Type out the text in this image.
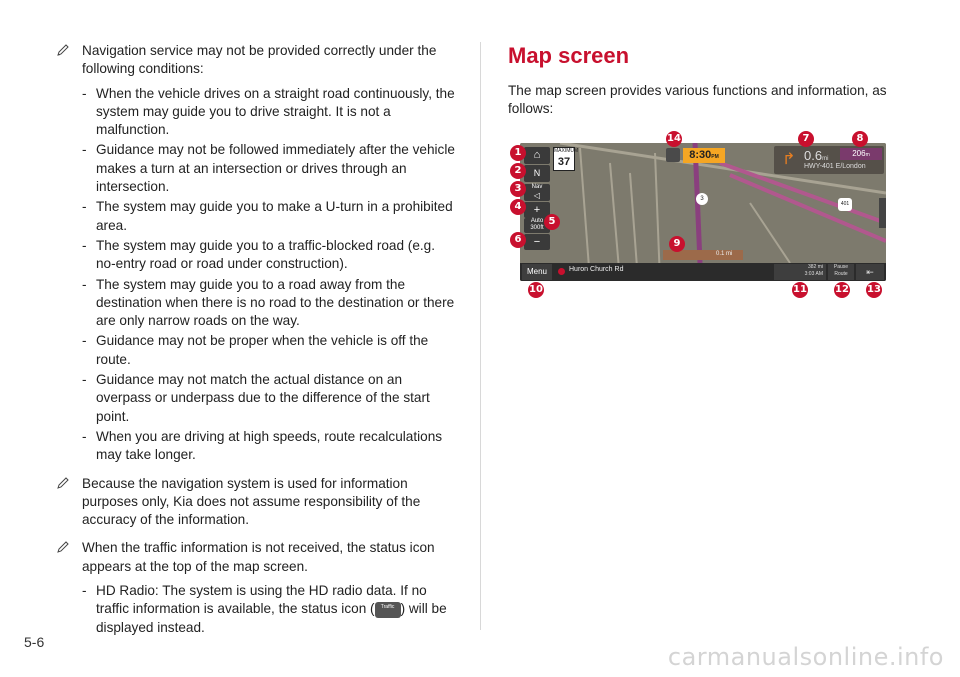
Navigation service may not be provided correctly under the following conditions:

- When the vehicle drives on a straight road continuously, the system may guide you to drive straight. It is not a malfunction.
- Guidance may not be followed immediately after the vehicle makes a turn at an intersection or drives through an intersection.
- The system may guide you to make a U-turn in a prohibited area.
- The system may guide you to a traffic-blocked road (e.g. no-entry road or road under construction).
- The system may guide you to a road away from the destination when there is no road to the destination or there are only narrow roads on the way.
- Guidance may not be proper when the vehicle is off the route.
- Guidance may not match the actual distance on an overpass or underpass due to the difference of the start point.
- When you are driving at high speeds, route recalculations may take longer.

Because the navigation system is used for information purposes only, Kia does not assume responsibility of the accuracy of the information.

When the traffic information is not received, the status icon appears at the top of the map screen.

- HD Radio: The system is using the HD radio data. If no traffic information is available, the status icon ( Traffic ) will be displayed instead.
5-6
Map screen

The map screen provides various functions and information, as follows:

⌂	MAXIMUM
37
N
Nav
◁
+
Auto
300ft
−
8:30PM	↱ 0.6mi
206m
HWY-401 E/London
3
401
0.1 mi
Menu	Huron Church Rd	382 mi
3:03 AM
Pause
Route	⇤
1
2
3
4
5
6
7	8
9
10	11	12 13
14
carmanualsonline.info
